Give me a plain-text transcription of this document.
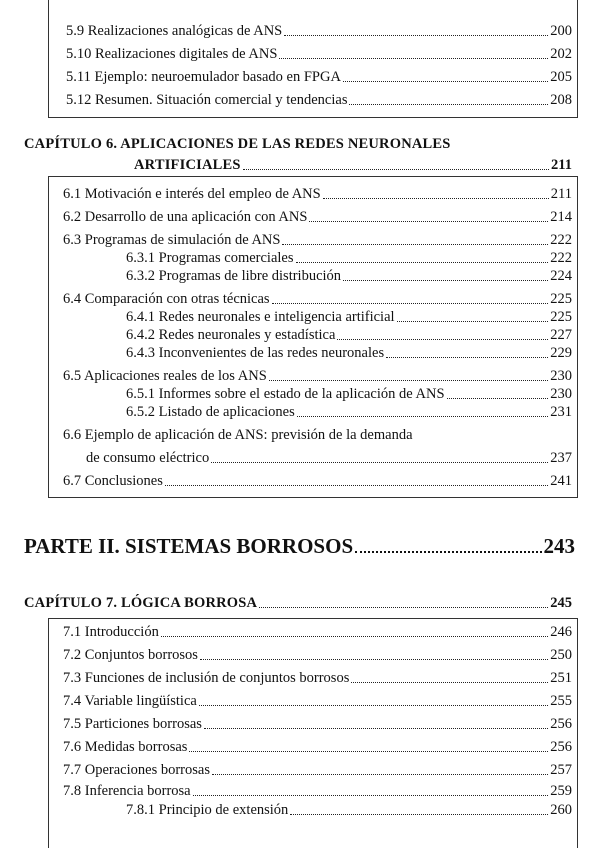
5.9 Realizaciones analógicas de ANS	200
5.10 Realizaciones digitales de ANS	202
5.11 Ejemplo: neuroemulador basado en FPGA	205
5.12 Resumen. Situación comercial y tendencias	208
CAPÍTULO 6. APLICACIONES DE LAS REDES NEURONALES
ARTIFICIALES	211
6.1 Motivación e interés del empleo de ANS	211
6.2 Desarrollo de una aplicación con ANS	214
6.3 Programas de simulación de ANS	222
6.3.1 Programas comerciales	222
6.3.2 Programas de libre distribución	224
6.4 Comparación con otras técnicas	225
6.4.1 Redes neuronales e inteligencia artificial	225
6.4.2 Redes neuronales y estadística	227
6.4.3 Inconvenientes de las redes neuronales	229
6.5 Aplicaciones reales de los ANS	230
6.5.1 Informes sobre el estado de la aplicación de ANS	230
6.5.2 Listado de aplicaciones	231
6.6 Ejemplo de aplicación de ANS: previsión de la demanda
de consumo eléctrico	237
6.7 Conclusiones	241
PARTE II. SISTEMAS BORROSOS	243
CAPÍTULO 7. LÓGICA BORROSA	245
7.1 Introducción	246
7.2 Conjuntos borrosos	250
7.3 Funciones de inclusión de conjuntos borrosos	251
7.4 Variable lingüística	255
7.5 Particiones borrosas	256
7.6 Medidas borrosas	256
7.7 Operaciones borrosas	257
7.8 Inferencia borrosa	259
7.8.1 Principio de extensión	260
